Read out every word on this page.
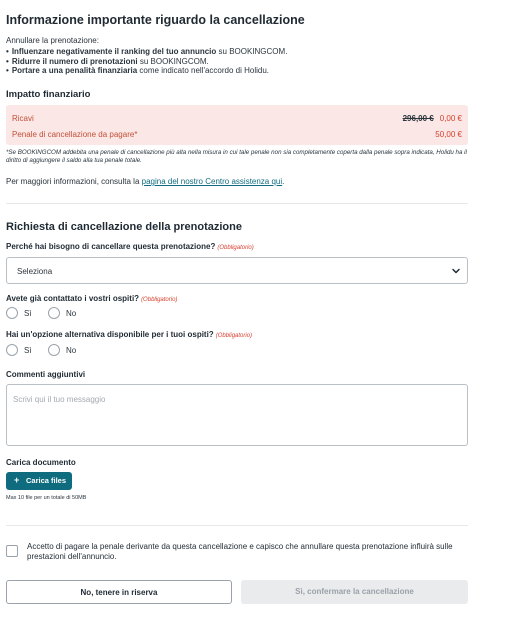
Informazione importante riguardo la cancellazione
Annullare la prenotazione:
• Influenzare negativamente il ranking del tuo annuncio su BOOKINGCOM.
• Ridurre il numero di prenotazioni su BOOKINGCOM.
• Portare a una penalità finanziaria come indicato nell'accordo di Holidu.
Impatto finanziario
Ricavi	296,00 € 0,00 €
Penale di cancellazione da pagare*	50,00 €
*Se BOOKINGCOM addebita una penale di cancellazione più alta nella misura in cui tale penale non sia completamente coperta dalla penale sopra indicata, Holidu ha il diritto di aggiungere il saldo alla tua penale totale.
Per maggiori informazioni, consulta la pagina del nostro Centro assistenza qui.
Richiesta di cancellazione della prenotazione
Perché hai bisogno di cancellare questa prenotazione? (Obbligatorio)
Seleziona
Avete già contattato i vostri ospiti? (Obbligatorio)
Sì	No
Hai un'opzione alternativa disponibile per i tuoi ospiti? (Obbligatorio)
Sì	No
Commenti aggiuntivi
Scrivi qui il tuo messaggio
Carica documento
+ Carica files
Max 10 file per un totale di 50MB
Accetto di pagare la penale derivante da questa cancellazione e capisco che annullare questa prenotazione influirà sulle prestazioni dell'annuncio.
No, tenere in riserva	Sì, confermare la cancellazione
